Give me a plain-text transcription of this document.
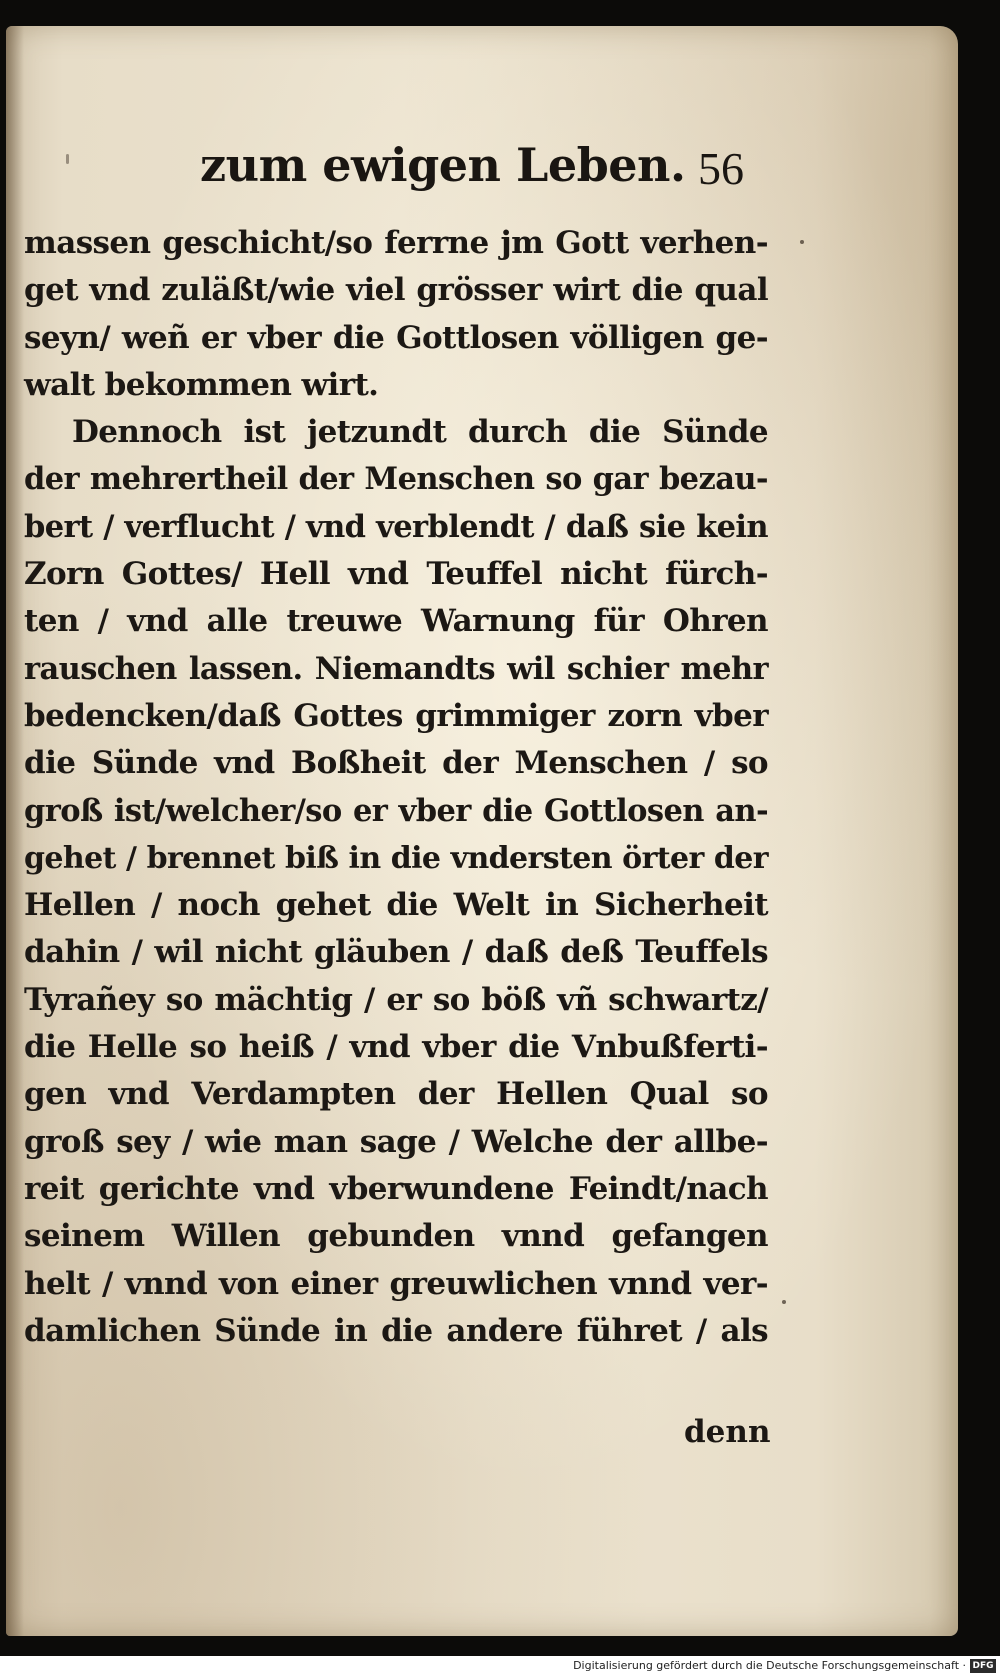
zum ewigen Leben. 56
massen geschicht/so ferrne jm Gott verhen-
get vnd zuläßt/wie viel grösser wirt die qual
seyn/ weñ er vber die Gottlosen völligen ge-
walt bekommen wirt.
Dennoch ist jetzundt durch die Sünde
der mehrertheil der Menschen so gar bezau-
bert / verflucht / vnd verblendt / daß sie kein
Zorn Gottes/ Hell vnd Teuffel nicht fürch-
ten / vnd alle treuwe Warnung für Ohren
rauschen lassen. Niemandts wil schier mehr
bedencken/daß Gottes grimmiger zorn vber
die Sünde vnd Boßheit der Menschen / so
groß ist/welcher/so er vber die Gottlosen an-
gehet / brennet biß in die vndersten örter der
Hellen / noch gehet die Welt in Sicherheit
dahin / wil nicht gläuben / daß deß Teuffels
Tyrañey so mächtig / er so böß vñ schwartz/
die Helle so heiß / vnd vber die Vnbußferti-
gen vnd Verdampten der Hellen Qual so
groß sey / wie man sage / Welche der allbe-
reit gerichte vnd vberwundene Feindt/nach
seinem Willen gebunden vnnd gefangen
helt / vnnd von einer greuwlichen vnnd ver-
damlichen Sünde in die andere führet / als
denn
Digitalisierung gefördert durch die Deutsche Forschungsgemeinschaft · DFG
